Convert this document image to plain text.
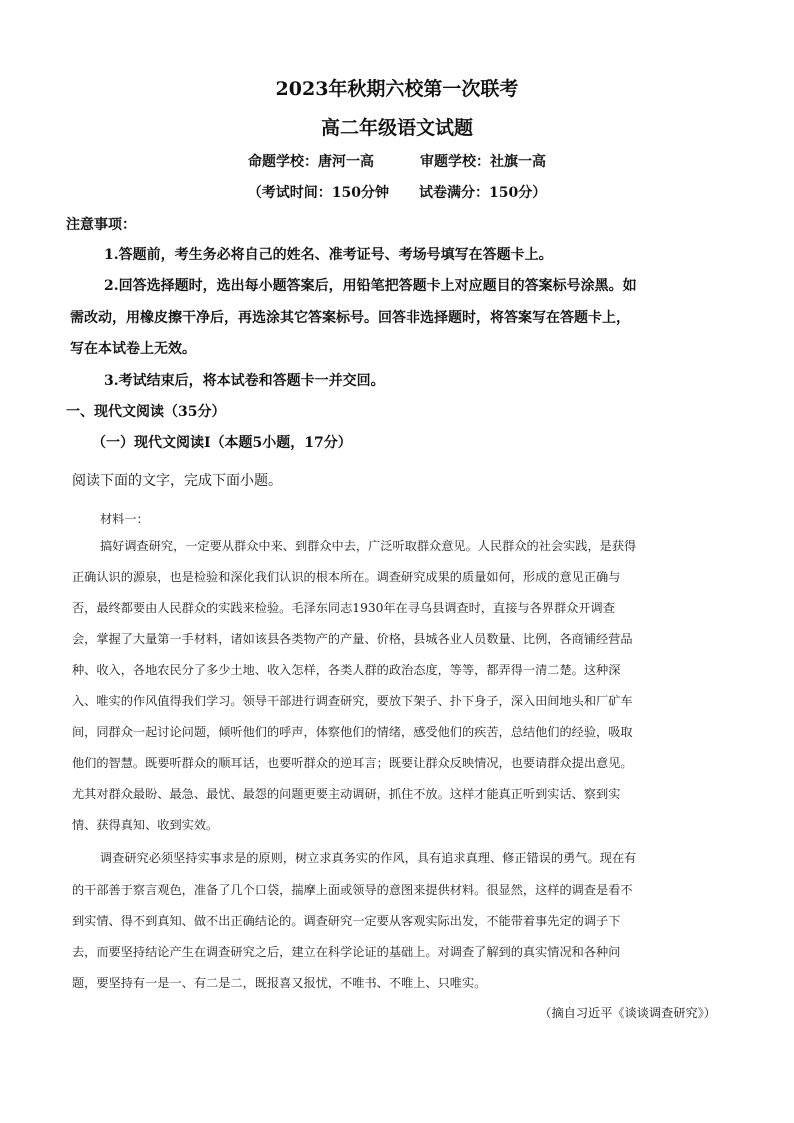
2023年秋期六校第一次联考
高二年级语文试题
命题学校：唐河一高	审题学校：社旗一高
（考试时间：150分钟 试卷满分：150分）
注意事项：
1.答题前，考生务必将自己的姓名、准考证号、考场号填写在答题卡上。
2.回答选择题时，选出每小题答案后，用铅笔把答题卡上对应题目的答案标号涂黑。如
需改动，用橡皮擦干净后，再选涂其它答案标号。回答非选择题时，将答案写在答题卡上，
写在本试卷上无效。
3.考试结束后，将本试卷和答题卡一并交回。
一、现代文阅读（35分）
（一）现代文阅读Ⅰ（本题5小题，17分）
阅读下面的文字，完成下面小题。
材料一：
搞好调查研究，一定要从群众中来、到群众中去，广泛听取群众意见。人民群众的社会实践，是获得
正确认识的源泉，也是检验和深化我们认识的根本所在。调查研究成果的质量如何，形成的意见正确与
否，最终都要由人民群众的实践来检验。毛泽东同志1930年在寻乌县调查时，直接与各界群众开调查
会，掌握了大量第一手材料，诸如该县各类物产的产量、价格，县城各业人员数量、比例，各商铺经营品
种、收入，各地农民分了多少土地、收入怎样，各类人群的政治态度，等等，都弄得一清二楚。这种深
入、唯实的作风值得我们学习。领导干部进行调查研究，要放下架子、扑下身子，深入田间地头和厂矿车
间，同群众一起讨论问题，倾听他们的呼声，体察他们的情绪，感受他们的疾苦，总结他们的经验，吸取
他们的智慧。既要听群众的顺耳话，也要听群众的逆耳言；既要让群众反映情况，也要请群众提出意见。
尤其对群众最盼、最急、最忧、最怨的问题更要主动调研，抓住不放。这样才能真正听到实话、察到实
情、获得真知、收到实效。
调查研究必须坚持实事求是的原则，树立求真务实的作风，具有追求真理、修正错误的勇气。现在有
的干部善于察言观色，准备了几个口袋，揣摩上面或领导的意图来提供材料。很显然，这样的调查是看不
到实情、得不到真知、做不出正确结论的。调查研究一定要从客观实际出发，不能带着事先定的调子下
去，而要坚持结论产生在调查研究之后，建立在科学论证的基础上。对调查了解到的真实情况和各种问
题，要坚持有一是一、有二是二，既报喜又报忧，不唯书、不唯上、只唯实。
（摘自习近平《谈谈调查研究》）
